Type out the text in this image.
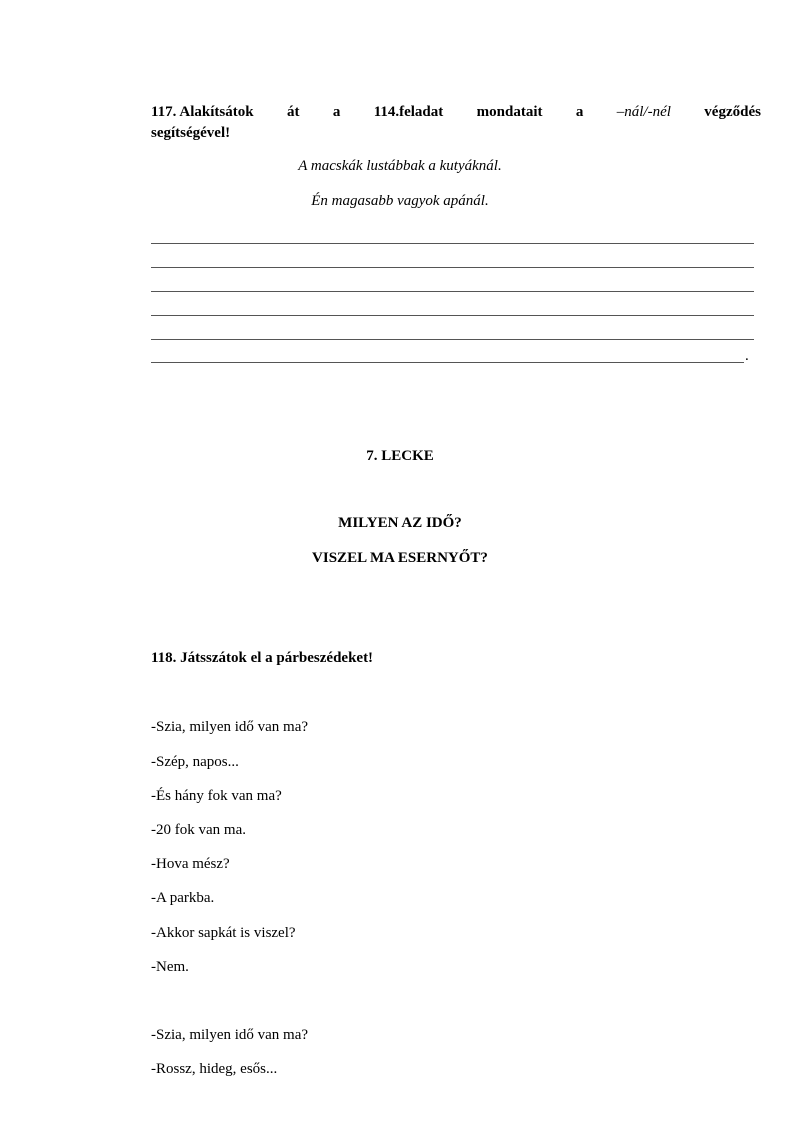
117. Alakítsátok át a 114.feladat mondatait a –nál/-nél végződés
segítségével!
A macskák lustábbak a kutyáknál.
Én magasabb vagyok apánál.
.
7. LECKE
MILYEN AZ IDŐ?
VISZEL MA ESERNYŐT?
118. Játsszátok el a párbeszédeket!
-Szia, milyen idő van ma?
-Szép, napos...
-És hány fok van ma?
-20 fok van ma.
-Hova mész?
-A parkba.
-Akkor sapkát is viszel?
-Nem.
-Szia, milyen idő van ma?
-Rossz, hideg, esős...
